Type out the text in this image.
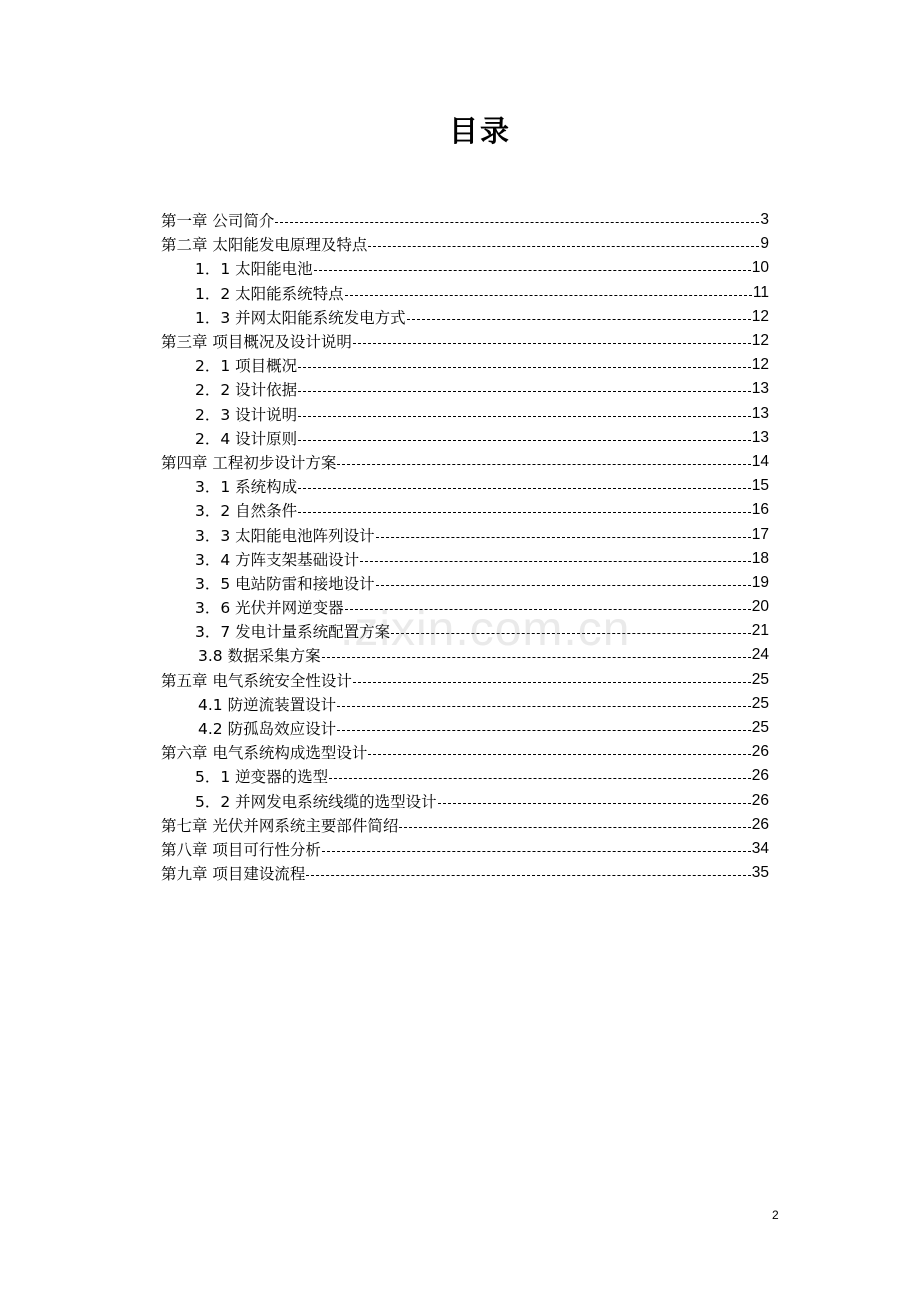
目录
第一章 公司简介	3
第二章 太阳能发电原理及特点	9
1．1 太阳能电池	10
1．2 太阳能系统特点	11
1．3 并网太阳能系统发电方式	12
第三章 项目概况及设计说明	12
2．1 项目概况	12
2．2 设计依据	13
2．3 设计说明	13
2．4 设计原则	13
第四章 工程初步设计方案	14
3．1 系统构成	15
3．2 自然条件	16
3．3 太阳能电池阵列设计	17
3．4 方阵支架基础设计	18
3．5 电站防雷和接地设计	19
3．6 光伏并网逆变器	20
3．7 发电计量系统配置方案	21
3.8 数据采集方案	24
第五章 电气系统安全性设计	25
4.1 防逆流装置设计	25
4.2 防孤岛效应设计	25
第六章 电气系统构成选型设计	26
5．1 逆变器的选型	26
5．2 并网发电系统线缆的选型设计	26
第七章 光伏并网系统主要部件简绍	26
第八章 项目可行性分析	34
第九章 项目建设流程	35
.zixin.com.cn
2
